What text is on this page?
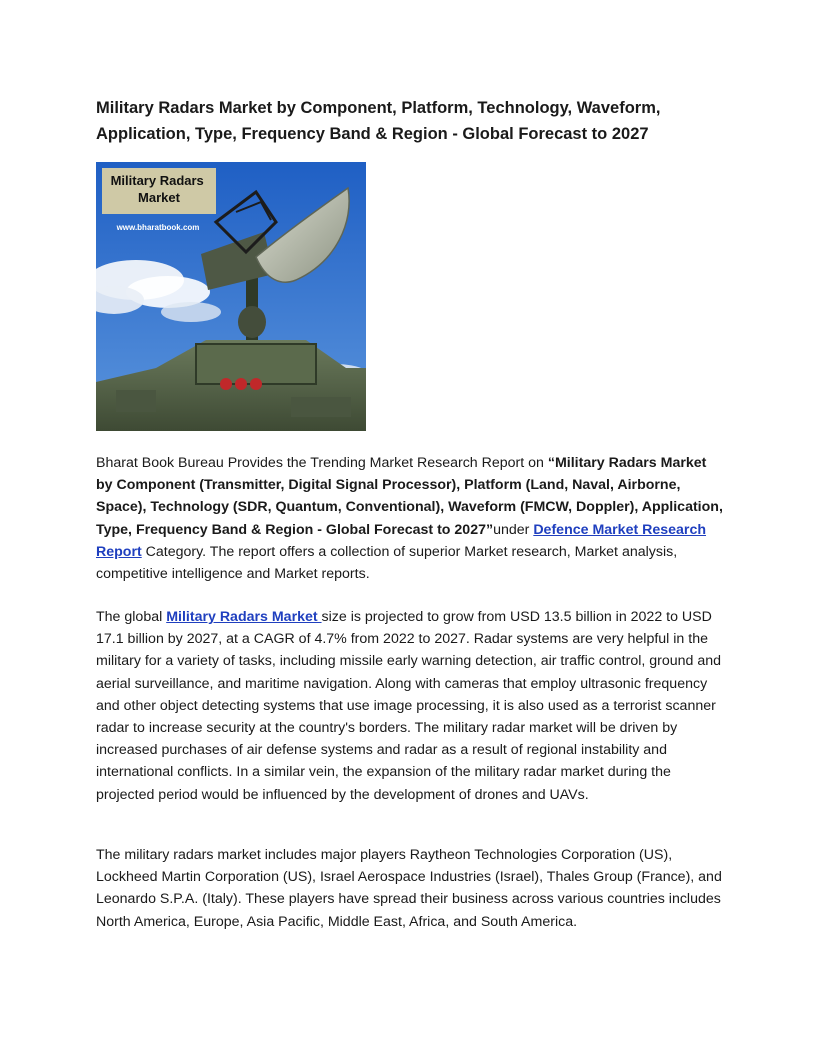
Military Radars Market by Component, Platform, Technology, Waveform, Application, Type, Frequency Band & Region - Global Forecast to 2027
Military Radars Market
www.bharatbook.com

Bharat Book Bureau Provides the Trending Market Research Report on “Military Radars Market by Component (Transmitter, Digital Signal Processor), Platform (Land, Naval, Airborne, Space), Technology (SDR, Quantum, Conventional), Waveform (FMCW, Doppler), Application, Type, Frequency Band & Region - Global Forecast to 2027”under Defence Market Research Report Category. The report offers a collection of superior Market research, Market analysis, competitive intelligence and Market reports.

The global Military Radars Market size is projected to grow from USD 13.5 billion in 2022 to USD 17.1 billion by 2027, at a CAGR of 4.7% from 2022 to 2027. Radar systems are very helpful in the military for a variety of tasks, including missile early warning detection, air traffic control, ground and aerial surveillance, and maritime navigation. Along with cameras that employ ultrasonic frequency and other object detecting systems that use image processing, it is also used as a terrorist scanner radar to increase security at the country's borders. The military radar market will be driven by increased purchases of air defense systems and radar as a result of regional instability and international conflicts. In a similar vein, the expansion of the military radar market during the projected period would be influenced by the development of drones and UAVs.

The military radars market includes major players Raytheon Technologies Corporation (US), Lockheed Martin Corporation (US), Israel Aerospace Industries (Israel), Thales Group (France), and Leonardo S.P.A. (Italy). These players have spread their business across various countries includes North America, Europe, Asia Pacific, Middle East, Africa, and South America.
